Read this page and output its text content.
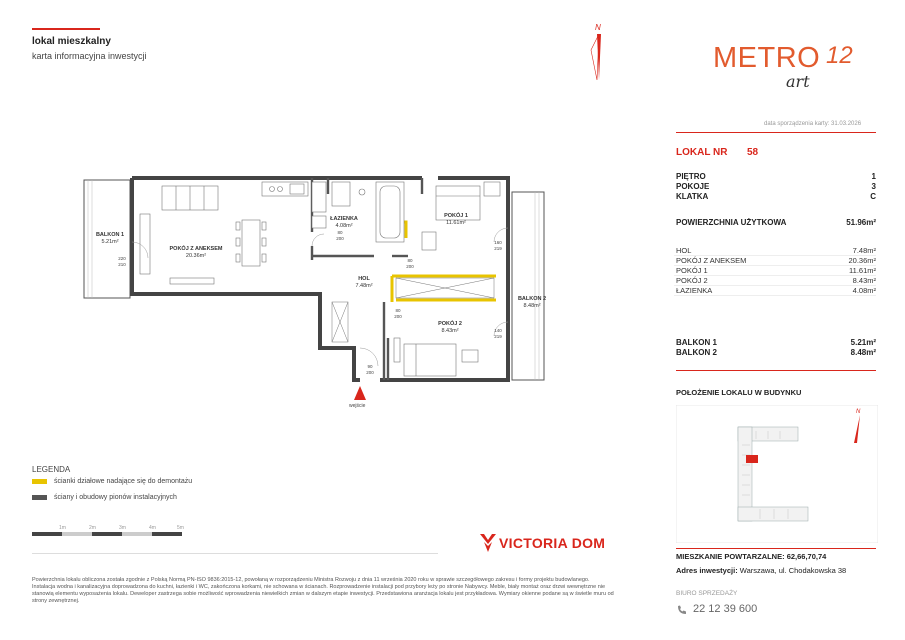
lokal mieszkalny
karta informacyjna inwestycji
N
METRO 12
art
data sporządzenia karty: 31.03.2026
LOKAL NR 58
PIĘTRO	1
POKOJE	3
KLATKA	C
POWIERZCHNIA UŻYTKOWA	51.96m²
HOL	7.48m²
POKÓJ Z ANEKSEM	20.36m²
POKÓJ 1	11.61m²
POKÓJ 2	8.43m²
ŁAZIENKA	4.08m²
BALKON 1	5.21m²
BALKON 2	8.48m²
POŁOŻENIE LOKALU W BUDYNKU
N
MIESZKANIE POWTARZALNE: 62,66,70,74
Adres inwestycji: Warszawa, ul. Chodakowska 38
BIURO SPRZEDAŻY
22 12 39 600
wejście
BALKON 1
5.21m²
POKÓJ Z ANEKSEM
20.36m²
ŁAZIENKA
4.08m²
POKÓJ 1
11.61m²
HOL
7.48m²
BALKON 2
8.48m²
POKÓJ 2
8.43m²
220
210
80
200
160
219
80
200
80
200
140
219
90
200
LEGENDA
ścianki działowe nadające się do demontażu
ściany i obudowy pionów instalacyjnych
1m	2m	3m	4m	5m
VICTORIA DOM
Powierzchnia lokalu obliczona została zgodnie z Polską Normą PN-ISO 9836:2015-12, powołaną w rozporządzeniu Ministra Rozwoju z dnia 11 września 2020 roku w sprawie szczegółowego zakresu i formy projektu budowlanego. Instalacja wodna i kanalizacyjna doprowadzona do kuchni, łazienki i WC, zakończona korkami, nie schowana w ścianach. Rozprowadzenie instalacji pod przybory leży po stronie Nabywcy. Meble, biały montaż oraz drzwi wewnętrzne nie stanowią elementu wyposażenia lokalu. Deweloper zastrzega sobie możliwość wprowadzenia niewielkich zmian w dalszym etapie inwestycji. Przedstawiona aranżacja lokalu jest przykładowa. Wymiary okienne podane są w świetle muru od strony zewnętrznej.
